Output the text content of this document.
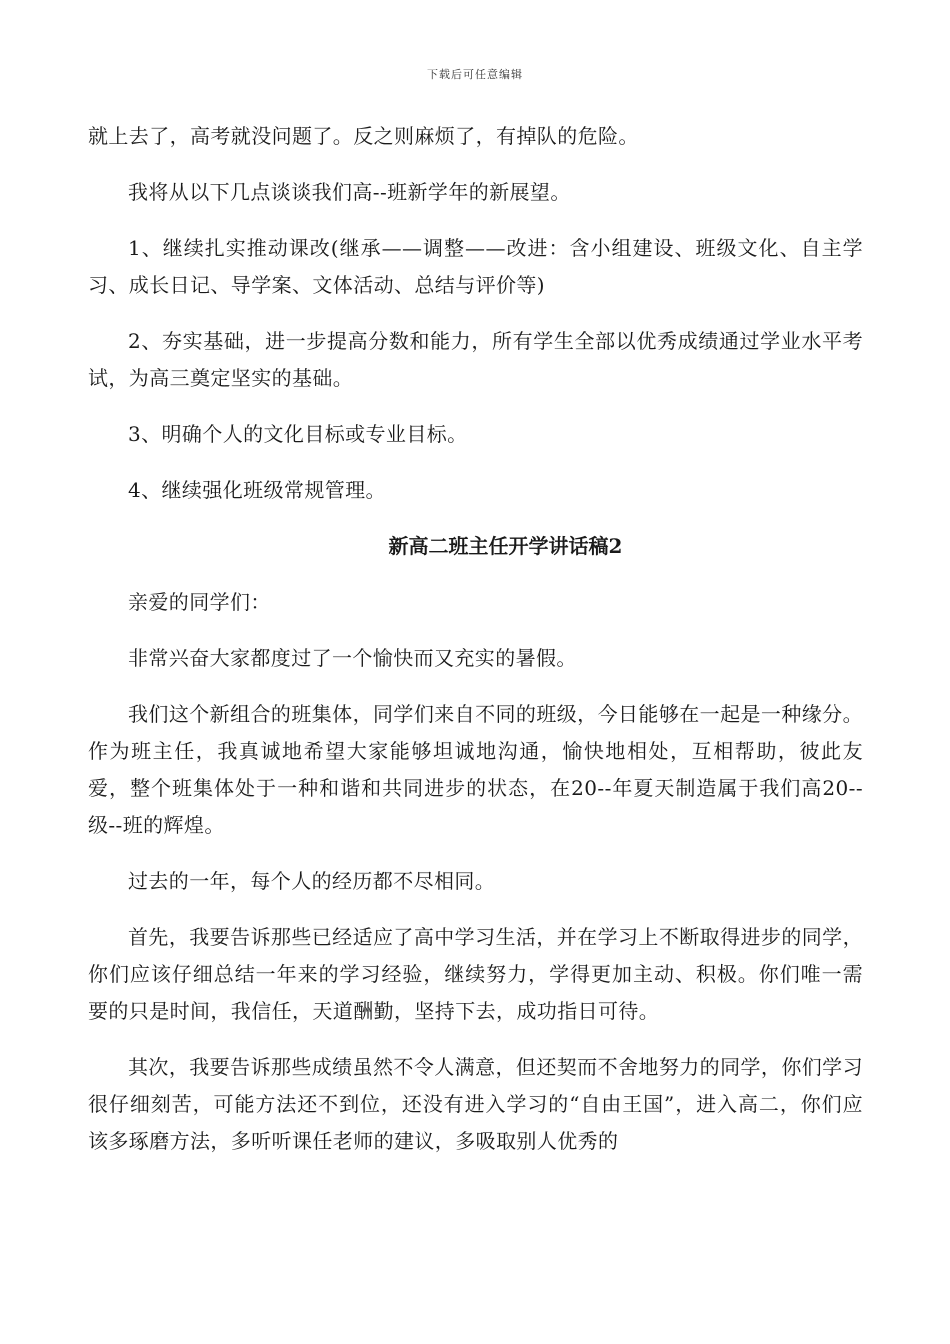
下载后可任意编辑

就上去了，高考就没问题了。反之则麻烦了，有掉队的危险。

我将从以下几点谈谈我们高--班新学年的新展望。

1、继续扎实推动课改(继承——调整——改进：含小组建设、班级文化、自主学习、成长日记、导学案、文体活动、总结与评价等)

2、夯实基础，进一步提高分数和能力，所有学生全部以优秀成绩通过学业水平考试，为高三奠定坚实的基础。

3、明确个人的文化目标或专业目标。

4、继续强化班级常规管理。

新高二班主任开学讲话稿2

亲爱的同学们：

非常兴奋大家都度过了一个愉快而又充实的暑假。

我们这个新组合的班集体，同学们来自不同的班级，今日能够在一起是一种缘分。作为班主任，我真诚地希望大家能够坦诚地沟通，愉快地相处，互相帮助，彼此友爱，整个班集体处于一种和谐和共同进步的状态，在20--年夏天制造属于我们高20--级--班的辉煌。

过去的一年，每个人的经历都不尽相同。

首先，我要告诉那些已经适应了高中学习生活，并在学习上不断取得进步的同学，你们应该仔细总结一年来的学习经验，继续努力，学得更加主动、积极。你们唯一需要的只是时间，我信任，天道酬勤，坚持下去，成功指日可待。

其次，我要告诉那些成绩虽然不令人满意，但还契而不舍地努力的同学，你们学习很仔细刻苦，可能方法还不到位，还没有进入学习的“自由王国”，进入高二，你们应该多琢磨方法，多听听课任老师的建议，多吸取别人优秀的
